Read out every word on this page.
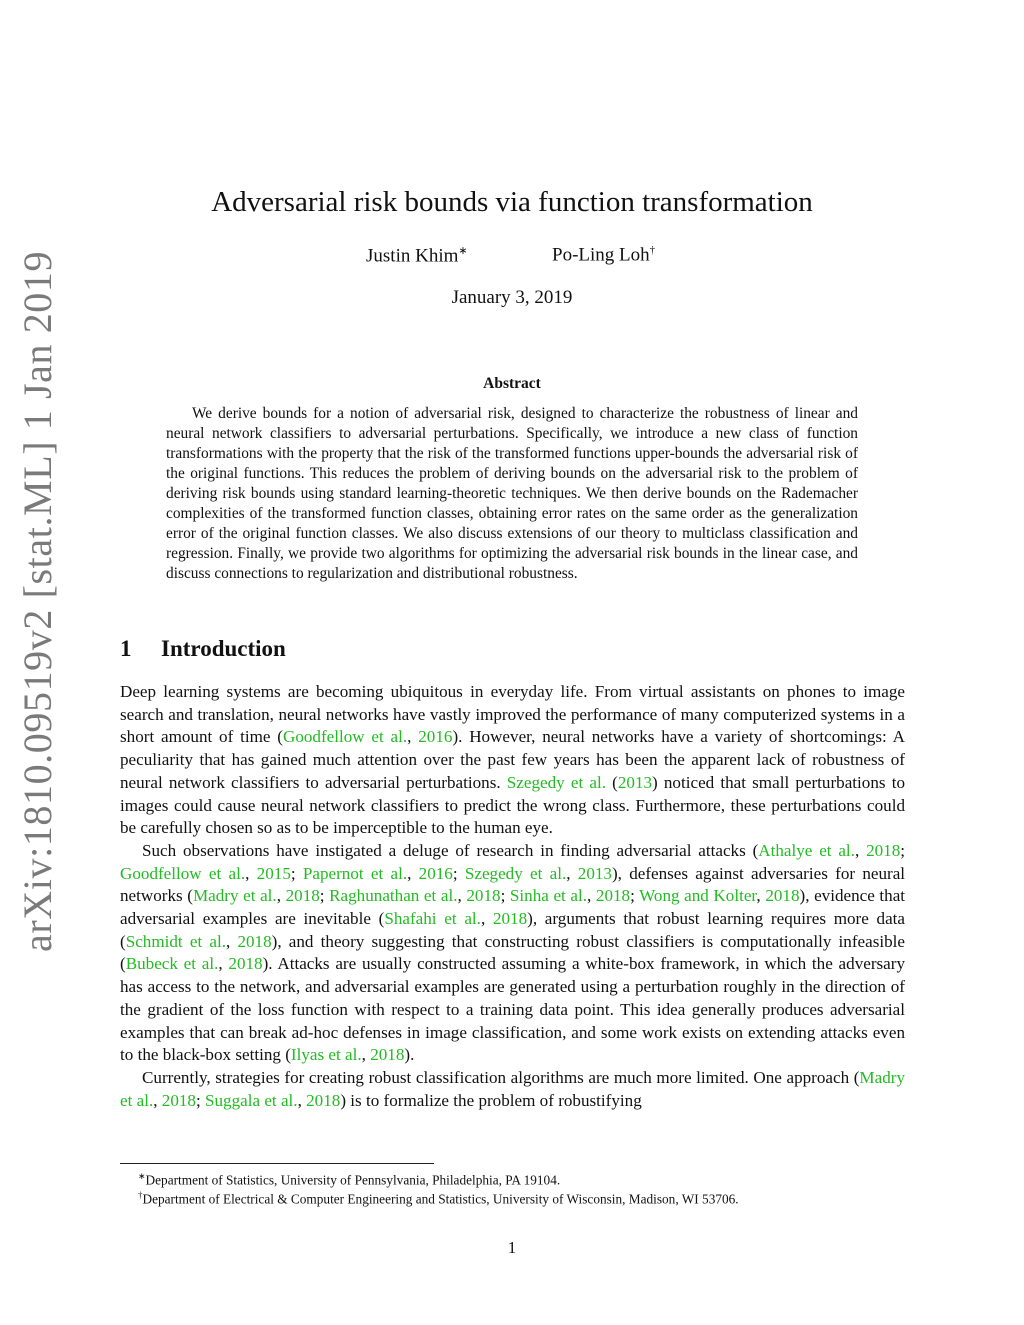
arXiv:1810.09519v2 [stat.ML] 1 Jan 2019
Adversarial risk bounds via function transformation
Justin Khim∗	Po-Ling Loh†
January 3, 2019
Abstract

We derive bounds for a notion of adversarial risk, designed to characterize the robustness of linear and neural network classifiers to adversarial perturbations. Specifically, we introduce a new class of function transformations with the property that the risk of the transformed functions upper-bounds the adversarial risk of the original functions. This reduces the problem of deriving bounds on the adversarial risk to the problem of deriving risk bounds using standard learning-theoretic techniques. We then derive bounds on the Rademacher complexities of the transformed function classes, obtaining error rates on the same order as the generalization error of the original function classes. We also discuss extensions of our theory to multiclass classification and regression. Finally, we provide two algorithms for optimizing the adversarial risk bounds in the linear case, and discuss connections to regularization and distributional robustness.

1 Introduction

Deep learning systems are becoming ubiquitous in everyday life. From virtual assistants on phones to image search and translation, neural networks have vastly improved the performance of many computerized systems in a short amount of time (Goodfellow et al., 2016). However, neural networks have a variety of shortcomings: A peculiarity that has gained much attention over the past few years has been the apparent lack of robustness of neural network classifiers to adversarial perturbations. Szegedy et al. (2013) noticed that small perturbations to images could cause neural network classifiers to predict the wrong class. Furthermore, these perturbations could be carefully chosen so as to be imperceptible to the human eye.

Such observations have instigated a deluge of research in finding adversarial attacks (Athalye et al., 2018; Goodfellow et al., 2015; Papernot et al., 2016; Szegedy et al., 2013), defenses against adversaries for neural networks (Madry et al., 2018; Raghunathan et al., 2018; Sinha et al., 2018; Wong and Kolter, 2018), evidence that adversarial examples are inevitable (Shafahi et al., 2018), arguments that robust learning requires more data (Schmidt et al., 2018), and theory suggesting that constructing robust classifiers is computationally infeasible (Bubeck et al., 2018). Attacks are usually constructed assuming a white-box framework, in which the adversary has access to the network, and adversarial examples are generated using a perturbation roughly in the direction of the gradient of the loss function with respect to a training data point. This idea generally produces adversarial examples that can break ad-hoc defenses in image classification, and some work exists on extending attacks even to the black-box setting (Ilyas et al., 2018).

Currently, strategies for creating robust classification algorithms are much more limited. One approach (Madry et al., 2018; Suggala et al., 2018) is to formalize the problem of robustifying

∗Department of Statistics, University of Pennsylvania, Philadelphia, PA 19104.
†Department of Electrical & Computer Engineering and Statistics, University of Wisconsin, Madison, WI 53706.
1
